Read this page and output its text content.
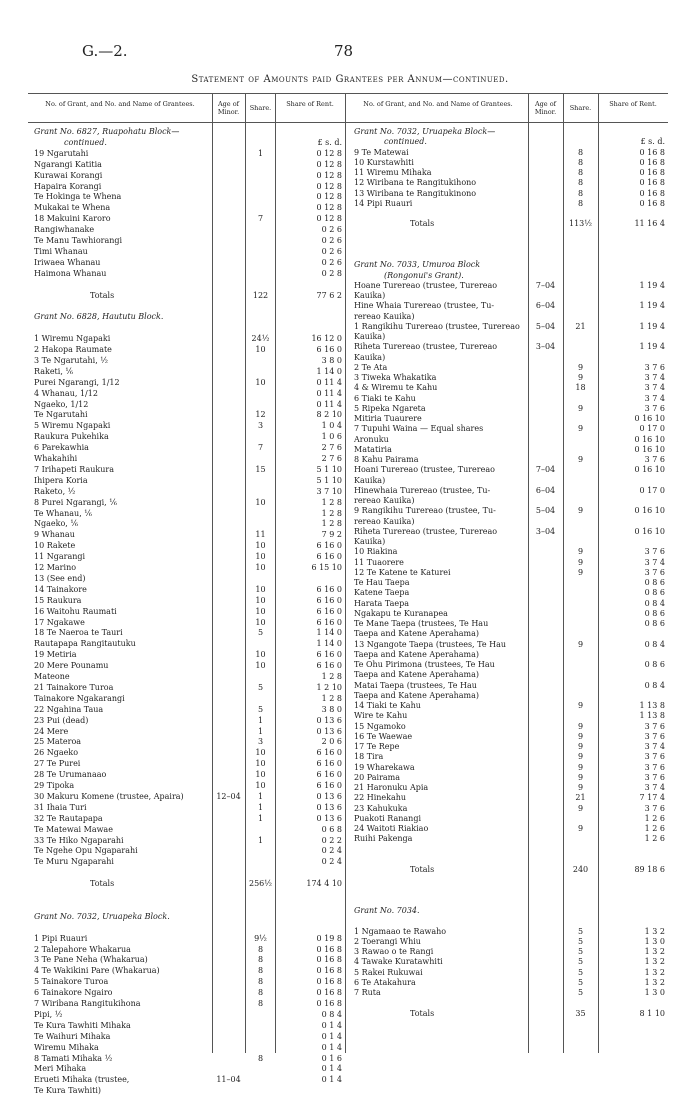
G.—2.	78
Statement of Amounts paid Grantees per Annum—continued.
No. of Grant, and No. and Name of Grantees.	Age of Minor.	Share.	Share of Rent.	No. of Grant, and No. and Name of Grantees.	Age of Minor.	Share.	Share of Rent.
Grant No. 6827, Ruapohatu Block—
continued.	£ s. d.
19 Ngarutahi	1	0 12 8
Ngarangi Katitia	0 12 8
Kurawai Korangi	0 12 8
Hapaira Korangi	0 12 8
Te Hokinga te Whena	0 12 8
Mukakai te Whena	0 12 8
18 Makuini Karoro	7	0 12 8
Rangiwhanake	0 2 6
Te Manu Tawhiorangi	0 2 6
Timi Whanau	0 2 6
Iriwaea Whanau	0 2 6
Haimona Whanau	0 2 8
Totals	122	77 6 2
Grant No. 6828, Haututu Block.
1 Wiremu Ngapaki	24½	16 12 0
2 Hakopa Raumate	10	6 16 0
3 Te Ngarutahi, ½	3 8 0
Raketi, ⅙	1 14 0
Purei Ngarangi, 1/12	10	0 11 4
4 Whanau, 1/12	0 11 4
Ngaeko, 1/12	0 11 4
Te Ngarutahi	12	8 2 10
5 Wiremu Ngapaki	3	1 0 4
Raukura Pukehika	1 0 6
6 Parekawhia	7	2 7 6
Whakahihi	2 7 6
7 Irihapeti Raukura	15	5 1 10
Ihipera Koria	5 1 10
Raketo, ½	3 7 10
8 Purei Ngarangi, ⅙	10	1 2 8
Te Whanau, ⅙	1 2 8
Ngaeko, ⅙	1 2 8
9 Whanau	11	7 9 2
10 Rakete	10	6 16 0
11 Ngarangi	10	6 16 0
12 Marino	10	6 15 10
13 (See end)
14 Tainakore	10	6 16 0
15 Raukura	10	6 16 0
16 Waitohu Raumati	10	6 16 0
17 Ngakawe	10	6 16 0
18 Te Naeroa te Tauri	5	1 14 0
Rautapapa Rangitautuku	1 14 0
19 Metiria	10	6 16 0
20 Mere Pounamu	10	6 16 0
Mateone	1 2 8
21 Tainakore Turoa	5	1 2 10
Tainakore Ngakarangi	1 2 8
22 Ngahina Taua	5	3 8 0
23 Pui (dead)	1	0 13 6
24 Mere	1	0 13 6
25 Materoa	3	2 0 6
26 Ngaeko	10	6 16 0
27 Te Purei	10	6 16 0
28 Te Urumanaao	10	6 16 0
29 Tipoka	10	6 16 0
30 Makuru Komene (trustee, Apaira)	12–04	1	0 13 6
31 Ihaia Turi	1	0 13 6
32 Te Rautapapa	1	0 13 6
Te Matewai Mawae	0 6 8
33 Te Hiko Ngaparahi	1	0 2 2
Te Ngehe Opu Ngaparahi	0 2 4
Te Muru Ngaparahi	0 2 4
Totals	256½	174 4 10
Grant No. 7032, Uruapeka Block.
1 Pipi Ruauri	9½	0 19 8
2 Talepahore Whakarua	8	0 16 8
3 Te Pane Neha (Whakarua)	8	0 16 8
4 Te Wakikini Pare (Whakarua)	8	0 16 8
5 Tainakore Turoa	8	0 16 8
6 Tainakore Ngairo	8	0 16 8
7 Wiribana Rangitukihona	8	0 16 8
Pipi, ½	0 8 4
Te Kura Tawhiti Mihaka	0 1 4
Te Waihuri Mihaka	0 1 4
Wiremu Mihaka	0 1 4
8 Tamati Mihaka ½	8	0 1 6
Meri Mihaka	0 1 4
Erueti Mihaka (trustee,	11–04	0 1 4
Te Kura Tawhiti)
Grant No. 7032, Uruapeka Block—
continued.	£ s. d.
9 Te Matewai	8	0 16 8
10 Kurstawhiti	8	0 16 8
11 Wiremu Mihaka	8	0 16 8
12 Wiribana te Rangitukihono	8	0 16 8
13 Wiribana te Rangitukinono	8	0 16 8
14 Pipi Ruauri	8	0 16 8
Totals	113½	11 16 4
Grant No. 7033, Umuroa Block
(Rongonui's Grant).
Hoane Turereao (trustee, Turereao	7–04	1 19 4
Kauika)
Hine Whaia Turereao (trustee, Tu-	6–04	1 19 4
rereao Kauika)
1 Rangikihu Turereao (trustee, Turereao	5–04	21	1 19 4
Kauika)
Riheta Turereao (trustee, Turereao	3–04	1 19 4
Kauika)
2 Te Ata	9	3 7 6
3 Tiweka Whakatika	9	3 7 4
4 & Wiremu te Kahu	18	3 7 4
6 Tiaki te Kahu	3 7 4
5 Ripeka Ngareta	9	3 7 6
Mitiria Tuaurere	0 16 10
7 Tupuhi Waina — Equal shares	9	0 17 0
Aronuku	0 16 10
Matatiria	0 16 10
8 Kahu Pairama	9	3 7 6
Hoani Turereao (trustee, Turereao	7–04	0 16 10
Kauika)
Hinewhaia Turereao (trustee, Tu-	6–04	0 17 0
rereao Kauika)
9 Rangikihu Turereao (trustee, Tu-	5–04	9	0 16 10
rereao Kauika)
Riheta Turereao (trustee, Turereao	3–04	0 16 10
Kauika)
10 Riakina	9	3 7 6
11 Tuaorere	9	3 7 4
12 Te Katene te Katurei	9	3 7 6
Te Hau Taepa	0 8 6
Katene Taepa	0 8 6
Harata Taepa	0 8 4
Ngakapu te Kuranapea	0 8 6
Te Mane Taepa (trustees, Te Hau	0 8 6
Taepa and Katene Aperahama)
13 Ngangote Taepa (trustees, Te Hau	9	0 8 4
Taepa and Katene Aperahama)
Te Ohu Pirimona (trustees, Te Hau	0 8 6
Taepa and Katene Aperahama)
Matai Taepa (trustees, Te Hau	0 8 4
Taepa and Katene Aperahama)
14 Tiaki te Kahu	9	1 13 8
Wire te Kahu	1 13 8
15 Ngamoko	9	3 7 6
16 Te Waewae	9	3 7 6
17 Te Repe	9	3 7 4
18 Tira	9	3 7 6
19 Wharekawa	9	3 7 6
20 Pairama	9	3 7 6
21 Haronuku Apia	9	3 7 4
22 Hinekahu	21	7 17 4
23 Kahukuka	9	3 7 6
Puakoti Ranangi	1 2 6
24 Waitoti Riakiao	9	1 2 6
Ruihi Pakenga	1 2 6
Totals	240	89 18 6
Grant No. 7034.
1 Ngamaao te Rawaho	5	1 3 2
2 Toerangi Whiu	5	1 3 0
3 Rawao o te Rangi	5	1 3 2
4 Tawake Kuratawhiti	5	1 3 2
5 Rakei Rukuwai	5	1 3 2
6 Te Atakahura	5	1 3 2
7 Ruta	5	1 3 0
Totals	35	8 1 10
